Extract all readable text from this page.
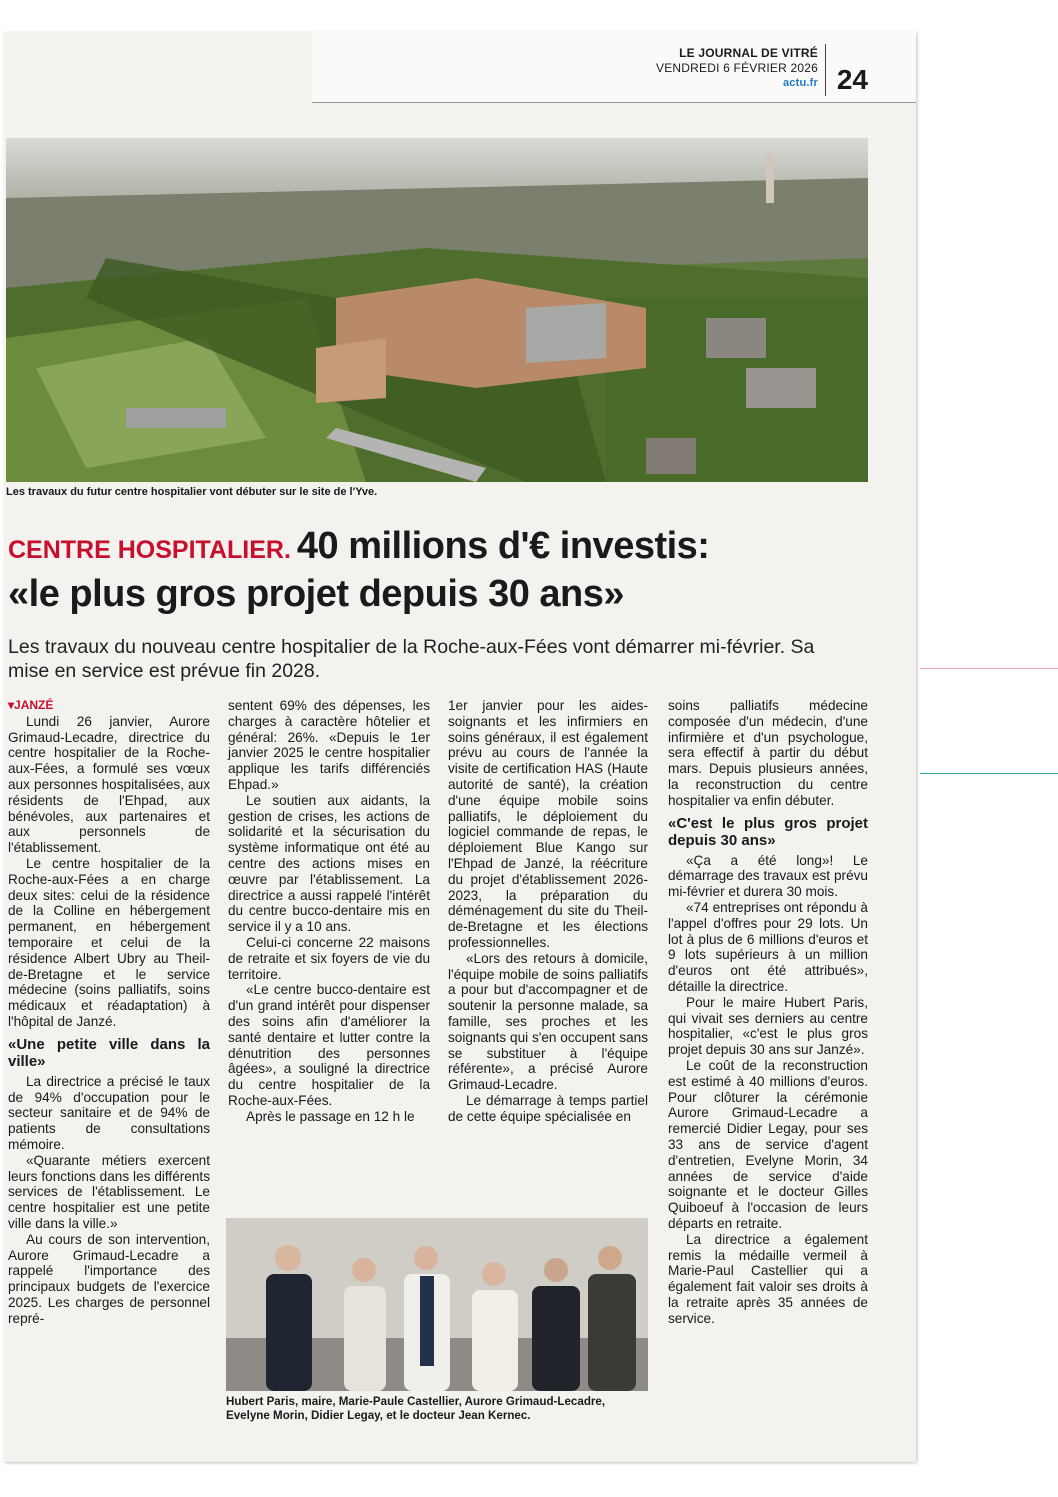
LE JOURNAL DE VITRÉ
VENDREDI 6 FÉVRIER 2026
actu.fr 24
Les travaux du futur centre hospitalier vont débuter sur le site de l'Yve.
CENTRE HOSPITALIER. 40 millions d'€ investis:
«le plus gros projet depuis 30 ans»
Les travaux du nouveau centre hospitalier de la Roche-aux-Fées vont démarrer mi-février. Sa mise en service est prévue fin 2028.

▾JANZÉ

Lundi 26 janvier, Aurore Grimaud-Lecadre, directrice du centre hospitalier de la Roche-aux-Fées, a formulé ses vœux aux personnes hospitalisées, aux résidents de l'Ehpad, aux bénévoles, aux partenaires et aux personnels de l'établissement.

Le centre hospitalier de la Roche-aux-Fées a en charge deux sites: celui de la résidence de la Colline en hébergement permanent, en hébergement temporaire et celui de la résidence Albert Ubry au Theil-de-Bretagne et le service médecine (soins palliatifs, soins médicaux et réadaptation) à l'hôpital de Janzé.

«Une petite ville dans la ville»

La directrice a précisé le taux de 94% d'occupation pour le secteur sanitaire et de 94% de patients de consultations mémoire.

«Quarante métiers exercent leurs fonctions dans les différents services de l'établissement. Le centre hospitalier est une petite ville dans la ville.»

Au cours de son intervention, Aurore Grimaud-Lecadre a rappelé l'importance des principaux budgets de l'exercice 2025. Les charges de personnel repré-

sentent 69% des dépenses, les charges à caractère hôtelier et général: 26%. «Depuis le 1er janvier 2025 le centre hospitalier applique les tarifs différenciés Ehpad.»

Le soutien aux aidants, la gestion de crises, les actions de solidarité et la sécurisation du système informatique ont été au centre des actions mises en œuvre par l'établissement. La directrice a aussi rappelé l'intérêt du centre bucco-dentaire mis en service il y a 10 ans.

Celui-ci concerne 22 maisons de retraite et six foyers de vie du territoire.

«Le centre bucco-dentaire est d'un grand intérêt pour dispenser des soins afin d'améliorer la santé dentaire et lutter contre la dénutrition des personnes âgées», a souligné la directrice du centre hospitalier de la Roche-aux-Fées.

Après le passage en 12 h le

1er janvier pour les aides-soignants et les infirmiers en soins généraux, il est également prévu au cours de l'année la visite de certification HAS (Haute autorité de santé), la création d'une équipe mobile soins palliatifs, le déploiement du logiciel commande de repas, le déploiement Blue Kango sur l'Ehpad de Janzé, la réécriture du projet d'établissement 2026-2023, la préparation du déménagement du site du Theil-de-Bretagne et les élections professionnelles.

«Lors des retours à domicile, l'équipe mobile de soins palliatifs a pour but d'accompagner et de soutenir la personne malade, sa famille, ses proches et les soignants qui s'en occupent sans se substituer à l'équipe référente», a précisé Aurore Grimaud-Lecadre.

Le démarrage à temps partiel de cette équipe spécialisée en

soins palliatifs médecine composée d'un médecin, d'une infirmière et d'un psychologue, sera effectif à partir du début mars. Depuis plusieurs années, la reconstruction du centre hospitalier va enfin débuter.

«C'est le plus gros projet depuis 30 ans»

«Ça a été long»! Le démarrage des travaux est prévu mi-février et durera 30 mois.

«74 entreprises ont répondu à l'appel d'offres pour 29 lots. Un lot à plus de 6 millions d'euros et 9 lots supérieurs à un million d'euros ont été attribués», détaille la directrice.

Pour le maire Hubert Paris, qui vivait ses derniers au centre hospitalier, «c'est le plus gros projet depuis 30 ans sur Janzé».

Le coût de la reconstruction est estimé à 40 millions d'euros. Pour clôturer la cérémonie Aurore Grimaud-Lecadre a remercié Didier Legay, pour ses 33 ans de service d'agent d'entretien, Evelyne Morin, 34 années de service d'aide soignante et le docteur Gilles Quiboeuf à l'occasion de leurs départs en retraite.

La directrice a également remis la médaille vermeil à Marie-Paul Castellier qui a également fait valoir ses droits à la retraite après 35 années de service.

Hubert Paris, maire, Marie-Paule Castellier, Aurore Grimaud-Lecadre, Evelyne Morin, Didier Legay, et le docteur Jean Kernec.
